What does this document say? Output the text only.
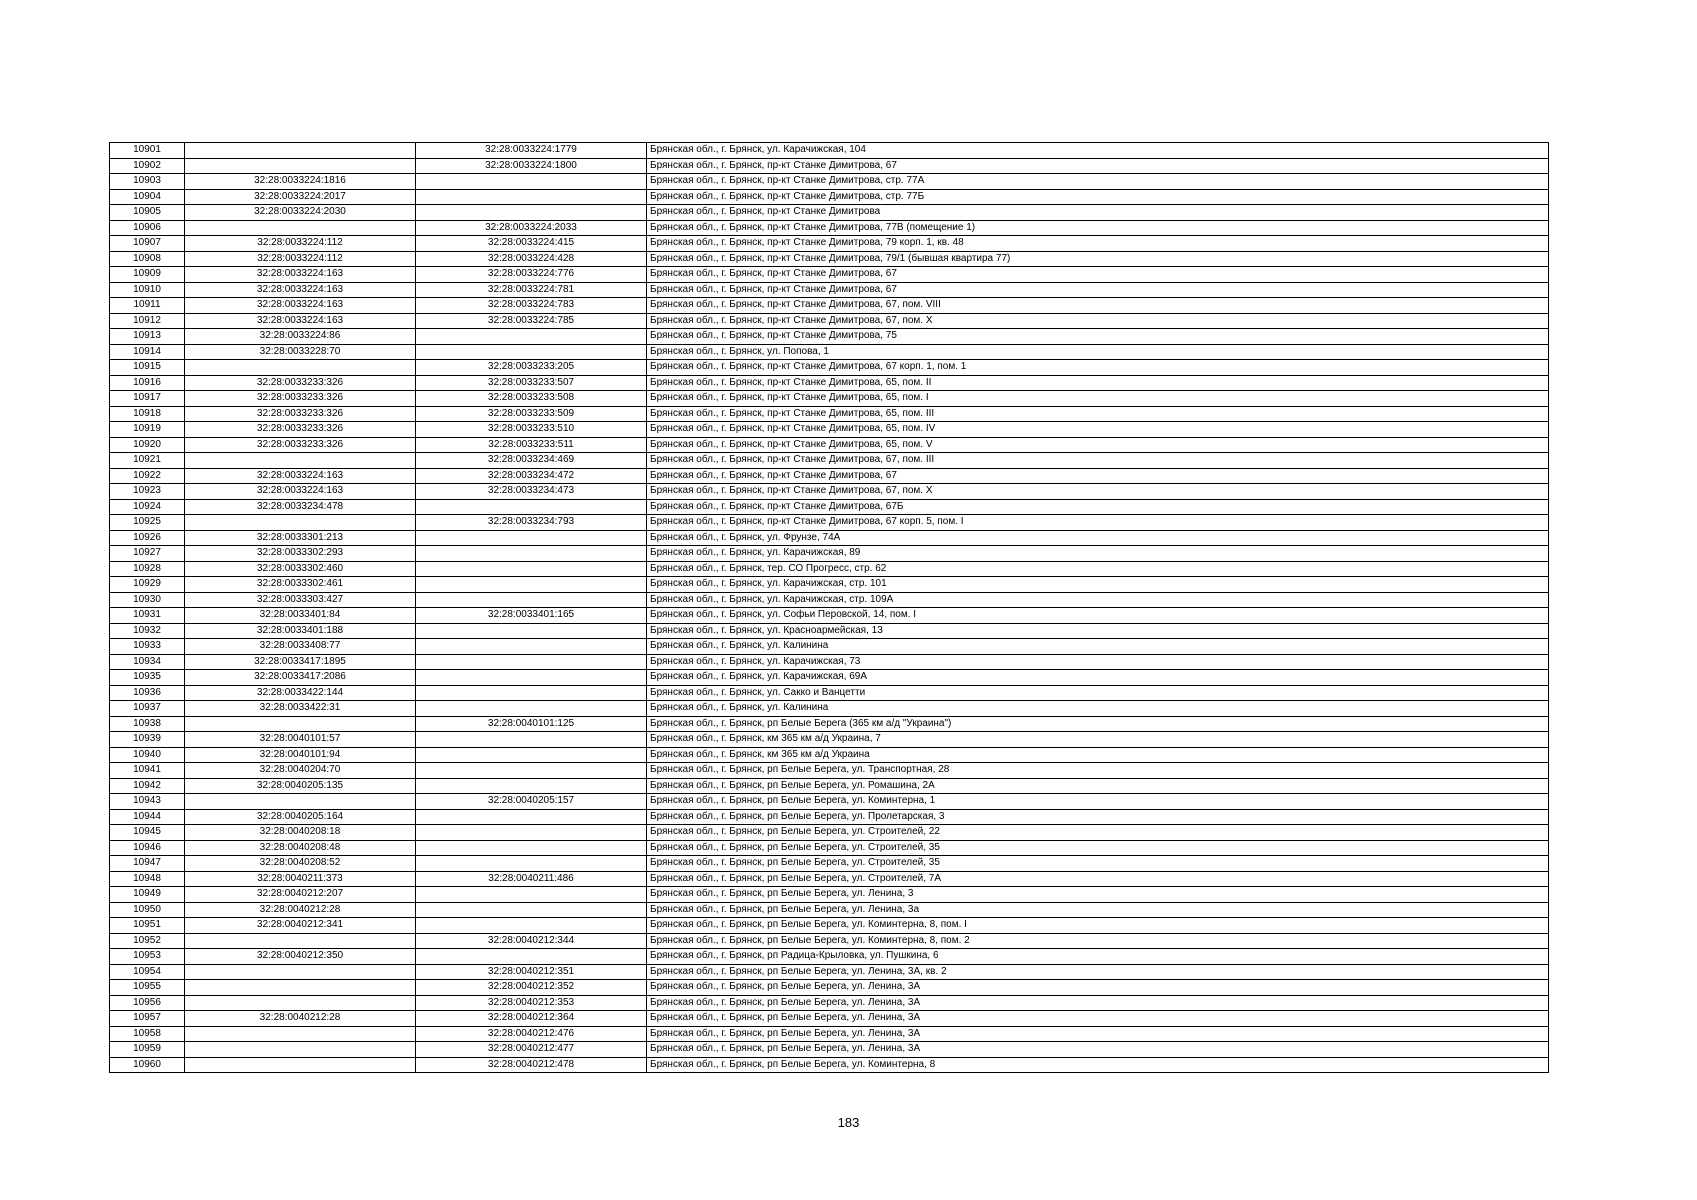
10901		32:28:0033224:1779	Брянская обл., г. Брянск, ул. Карачижская, 104
10902		32:28:0033224:1800	Брянская обл., г. Брянск, пр-кт Станке Димитрова, 67
10903	32:28:0033224:1816		Брянская обл., г. Брянск, пр-кт Станке Димитрова, стр. 77А
10904	32:28:0033224:2017		Брянская обл., г. Брянск, пр-кт Станке Димитрова, стр. 77Б
10905	32:28:0033224:2030		Брянская обл., г. Брянск, пр-кт Станке Димитрова
10906		32:28:0033224:2033	Брянская обл., г. Брянск, пр-кт Станке Димитрова, 77В (помещение 1)
10907	32:28:0033224:112	32:28:0033224:415	Брянская обл., г. Брянск, пр-кт Станке Димитрова, 79 корп. 1, кв. 48
10908	32:28:0033224:112	32:28:0033224:428	Брянская обл., г. Брянск, пр-кт Станке Димитрова, 79/1 (бывшая квартира 77)
10909	32:28:0033224:163	32:28:0033224:776	Брянская обл., г. Брянск, пр-кт Станке Димитрова, 67
10910	32:28:0033224:163	32:28:0033224:781	Брянская обл., г. Брянск, пр-кт Станке Димитрова, 67
10911	32:28:0033224:163	32:28:0033224:783	Брянская обл., г. Брянск, пр-кт Станке Димитрова, 67, пом. VIII
10912	32:28:0033224:163	32:28:0033224:785	Брянская обл., г. Брянск, пр-кт Станке Димитрова, 67, пом. X
10913	32:28:0033224:86		Брянская обл., г. Брянск, пр-кт Станке Димитрова, 75
10914	32:28:0033228:70		Брянская обл., г. Брянск, ул. Попова, 1
10915		32:28:0033233:205	Брянская обл., г. Брянск, пр-кт Станке Димитрова, 67 корп. 1, пом. 1
10916	32:28:0033233:326	32:28:0033233:507	Брянская обл., г. Брянск, пр-кт Станке Димитрова, 65, пом. II
10917	32:28:0033233:326	32:28:0033233:508	Брянская обл., г. Брянск, пр-кт Станке Димитрова, 65, пом. I
10918	32:28:0033233:326	32:28:0033233:509	Брянская обл., г. Брянск, пр-кт Станке Димитрова, 65, пом. III
10919	32:28:0033233:326	32:28:0033233:510	Брянская обл., г. Брянск, пр-кт Станке Димитрова, 65, пом. IV
10920	32:28:0033233:326	32:28:0033233:511	Брянская обл., г. Брянск, пр-кт Станке Димитрова, 65, пом. V
10921		32:28:0033234:469	Брянская обл., г. Брянск, пр-кт Станке Димитрова, 67, пом. III
10922	32:28:0033224:163	32:28:0033234:472	Брянская обл., г. Брянск, пр-кт Станке Димитрова, 67
10923	32:28:0033224:163	32:28:0033234:473	Брянская обл., г. Брянск, пр-кт Станке Димитрова, 67, пом. X
10924	32:28:0033234:478		Брянская обл., г. Брянск, пр-кт Станке Димитрова, 67Б
10925		32:28:0033234:793	Брянская обл., г. Брянск, пр-кт Станке Димитрова, 67 корп. 5, пом. I
10926	32:28:0033301:213		Брянская обл., г. Брянск, ул. Фрунзе, 74А
10927	32:28:0033302:293		Брянская обл., г. Брянск, ул. Карачижская, 89
10928	32:28:0033302:460		Брянская обл., г. Брянск, тер. СО Прогресс, стр. 62
10929	32:28:0033302:461		Брянская обл., г. Брянск, ул. Карачижская, стр. 101
10930	32:28:0033303:427		Брянская обл., г. Брянск, ул. Карачижская, стр. 109А
10931	32:28:0033401:84	32:28:0033401:165	Брянская обл., г. Брянск, ул. Софьи Перовской, 14, пом. I
10932	32:28:0033401:188		Брянская обл., г. Брянск, ул. Красноармейская, 13
10933	32:28:0033408:77		Брянская обл., г. Брянск, ул. Калинина
10934	32:28:0033417:1895		Брянская обл., г. Брянск, ул. Карачижская, 73
10935	32:28:0033417:2086		Брянская обл., г. Брянск, ул. Карачижская, 69А
10936	32:28:0033422:144		Брянская обл., г. Брянск, ул. Сакко и Ванцетти
10937	32:28:0033422:31		Брянская обл., г. Брянск, ул. Калинина
10938		32:28:0040101:125	Брянская обл., г. Брянск, рп Белые Берега (365 км а/д "Украина")
10939	32:28:0040101:57		Брянская обл., г. Брянск, км 365 км а/д Украина, 7
10940	32:28:0040101:94		Брянская обл., г. Брянск, км 365 км а/д Украина
10941	32:28:0040204:70		Брянская обл., г. Брянск, рп Белые Берега, ул. Транспортная, 28
10942	32:28:0040205:135		Брянская обл., г. Брянск, рп Белые Берега, ул. Ромашина, 2А
10943		32:28:0040205:157	Брянская обл., г. Брянск, рп Белые Берега, ул. Коминтерна, 1
10944	32:28:0040205:164		Брянская обл., г. Брянск, рп Белые Берега, ул. Пролетарская, 3
10945	32:28:0040208:18		Брянская обл., г. Брянск, рп Белые Берега, ул. Строителей, 22
10946	32:28:0040208:48		Брянская обл., г. Брянск, рп Белые Берега, ул. Строителей, 35
10947	32:28:0040208:52		Брянская обл., г. Брянск, рп Белые Берега, ул. Строителей, 35
10948	32:28:0040211:373	32:28:0040211:486	Брянская обл., г. Брянск, рп Белые Берега, ул. Строителей, 7А
10949	32:28:0040212:207		Брянская обл., г. Брянск, рп Белые Берега, ул. Ленина, 3
10950	32:28:0040212:28		Брянская обл., г. Брянск, рп Белые Берега, ул. Ленина, 3а
10951	32:28:0040212:341		Брянская обл., г. Брянск, рп Белые Берега, ул. Коминтерна, 8, пом. I
10952		32:28:0040212:344	Брянская обл., г. Брянск, рп Белые Берега, ул. Коминтерна, 8, пом. 2
10953	32:28:0040212:350		Брянская обл., г. Брянск, рп Радица-Крыловка, ул. Пушкина, 6
10954		32:28:0040212:351	Брянская обл., г. Брянск, рп Белые Берега, ул. Ленина, 3А, кв. 2
10955		32:28:0040212:352	Брянская обл., г. Брянск, рп Белые Берега, ул. Ленина, 3А
10956		32:28:0040212:353	Брянская обл., г. Брянск, рп Белые Берега, ул. Ленина, 3А
10957	32:28:0040212:28	32:28:0040212:364	Брянская обл., г. Брянск, рп Белые Берега, ул. Ленина, 3А
10958		32:28:0040212:476	Брянская обл., г. Брянск, рп Белые Берега, ул. Ленина, 3А
10959		32:28:0040212:477	Брянская обл., г. Брянск, рп Белые Берега, ул. Ленина, 3А
10960		32:28:0040212:478	Брянская обл., г. Брянск, рп Белые Берега, ул. Коминтерна, 8
183
